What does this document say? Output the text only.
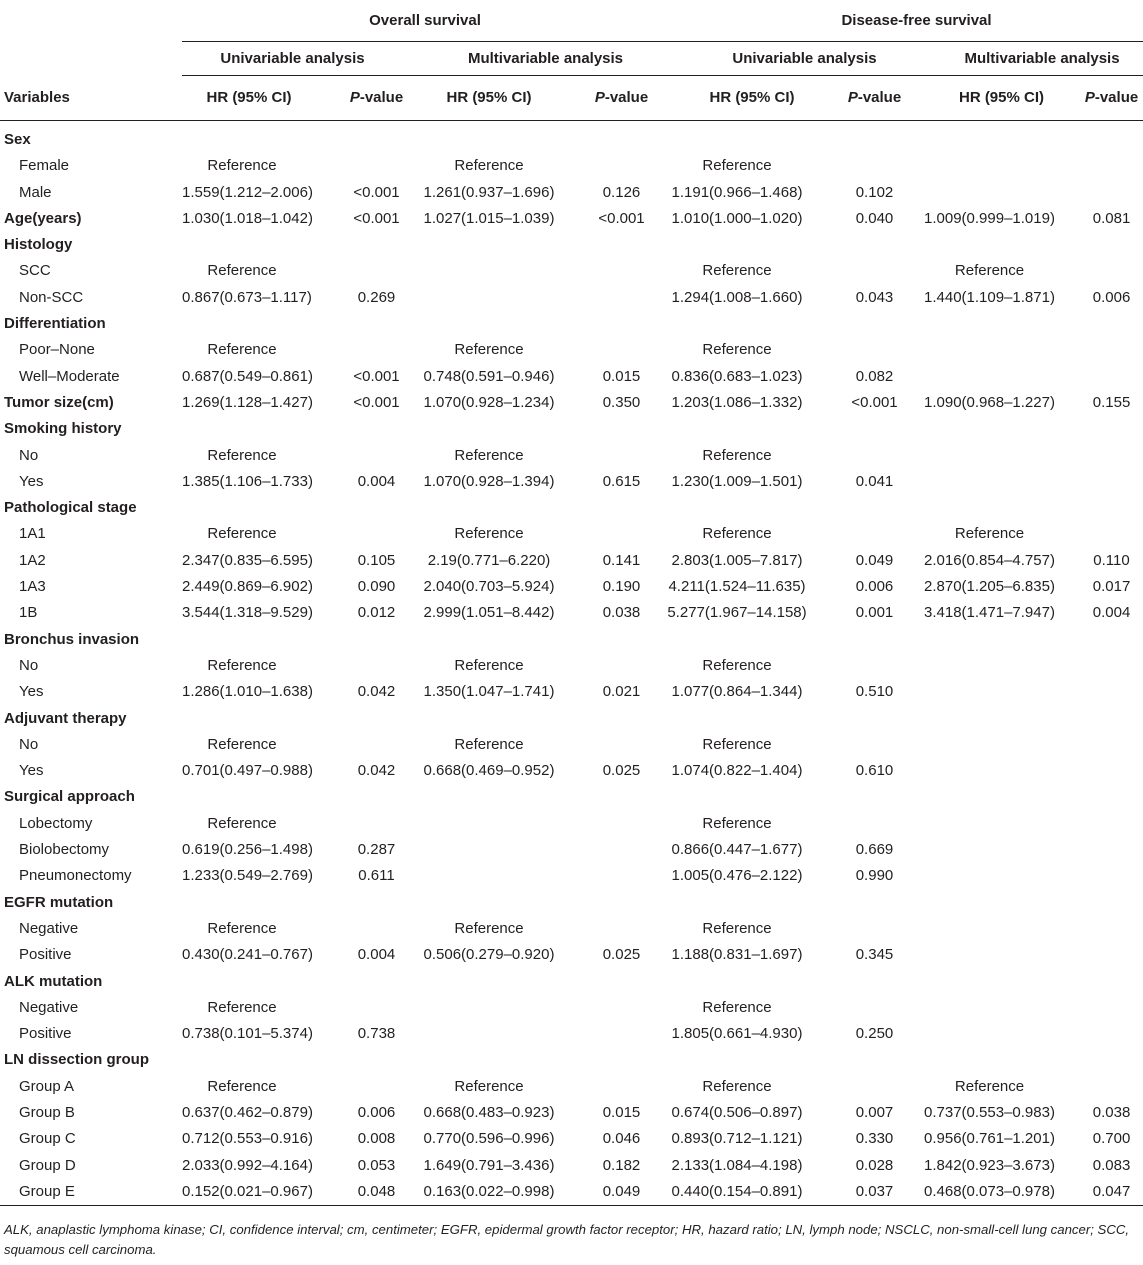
	Overall survival				Disease-free survival			
	Univariable analysis		Multivariable analysis		Univariable analysis		Multivariable analysis	
Variables	HR (95% CI)	P-value	HR (95% CI)	P-value	HR (95% CI)	P-value	HR (95% CI)	P-value

Sex								
Female	Reference		Reference		Reference			
Male	1.559(1.212–2.006)	<0.001	1.261(0.937–1.696)	0.126	1.191(0.966–1.468)	0.102		
Age(years)	1.030(1.018–1.042)	<0.001	1.027(1.015–1.039)	<0.001	1.010(1.000–1.020)	0.040	1.009(0.999–1.019)	0.081
Histology								
SCC	Reference				Reference		Reference	
Non-SCC	0.867(0.673–1.117)	0.269			1.294(1.008–1.660)	0.043	1.440(1.109–1.871)	0.006
Differentiation								
Poor–None	Reference		Reference		Reference			
Well–Moderate	0.687(0.549–0.861)	<0.001	0.748(0.591–0.946)	0.015	0.836(0.683–1.023)	0.082		
Tumor size(cm)	1.269(1.128–1.427)	<0.001	1.070(0.928–1.234)	0.350	1.203(1.086–1.332)	<0.001	1.090(0.968–1.227)	0.155
Smoking history								
No	Reference		Reference		Reference			
Yes	1.385(1.106–1.733)	0.004	1.070(0.928–1.394)	0.615	1.230(1.009–1.501)	0.041		
Pathological stage								
1A1	Reference		Reference		Reference		Reference	
1A2	2.347(0.835–6.595)	0.105	2.19(0.771–6.220)	0.141	2.803(1.005–7.817)	0.049	2.016(0.854–4.757)	0.110
1A3	2.449(0.869–6.902)	0.090	2.040(0.703–5.924)	0.190	4.211(1.524–11.635)	0.006	2.870(1.205–6.835)	0.017
1B	3.544(1.318–9.529)	0.012	2.999(1.051–8.442)	0.038	5.277(1.967–14.158)	0.001	3.418(1.471–7.947)	0.004
Bronchus invasion								
No	Reference		Reference		Reference			
Yes	1.286(1.010–1.638)	0.042	1.350(1.047–1.741)	0.021	1.077(0.864–1.344)	0.510		
Adjuvant therapy								
No	Reference		Reference		Reference			
Yes	0.701(0.497–0.988)	0.042	0.668(0.469–0.952)	0.025	1.074(0.822–1.404)	0.610		
Surgical approach								
Lobectomy	Reference				Reference			
Biolobectomy	0.619(0.256–1.498)	0.287			0.866(0.447–1.677)	0.669		
Pneumonectomy	1.233(0.549–2.769)	0.611			1.005(0.476–2.122)	0.990		
EGFR mutation								
Negative	Reference		Reference		Reference			
Positive	0.430(0.241–0.767)	0.004	0.506(0.279–0.920)	0.025	1.188(0.831–1.697)	0.345		
ALK mutation								
Negative	Reference				Reference			
Positive	0.738(0.101–5.374)	0.738			1.805(0.661–4.930)	0.250		
LN dissection group								
Group A	Reference		Reference		Reference		Reference	
Group B	0.637(0.462–0.879)	0.006	0.668(0.483–0.923)	0.015	0.674(0.506–0.897)	0.007	0.737(0.553–0.983)	0.038
Group C	0.712(0.553–0.916)	0.008	0.770(0.596–0.996)	0.046	0.893(0.712–1.121)	0.330	0.956(0.761–1.201)	0.700
Group D	2.033(0.992–4.164)	0.053	1.649(0.791–3.436)	0.182	2.133(1.084–4.198)	0.028	1.842(0.923–3.673)	0.083
Group E	0.152(0.021–0.967)	0.048	0.163(0.022–0.998)	0.049	0.440(0.154–0.891)	0.037	0.468(0.073–0.978)	0.047
ALK, anaplastic lymphoma kinase; CI, confidence interval; cm, centimeter; EGFR, epidermal growth factor receptor; HR, hazard ratio; LN, lymph node; NSCLC, non-small-cell lung cancer; SCC, squamous cell carcinoma.
